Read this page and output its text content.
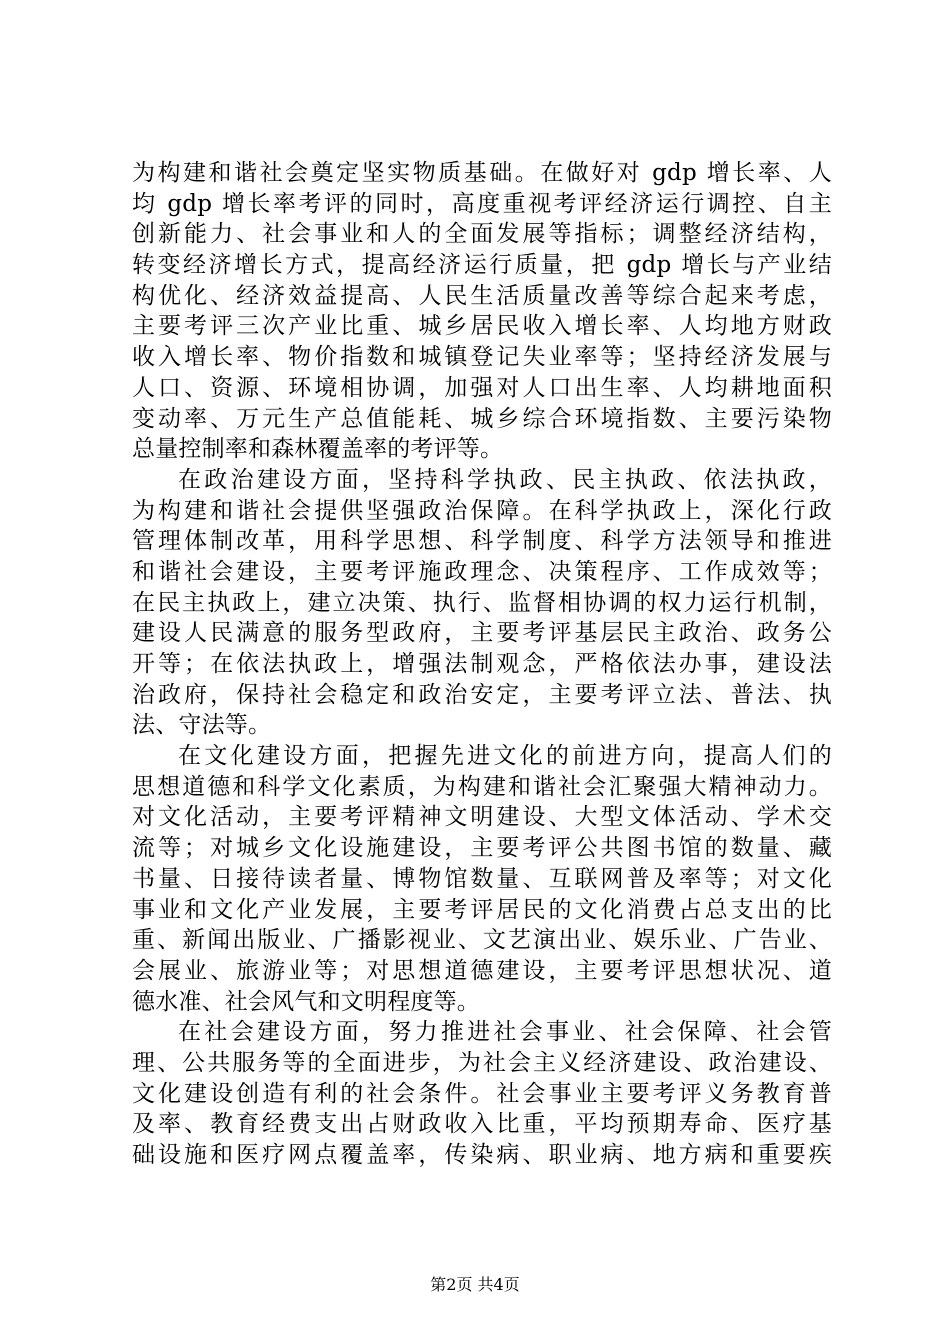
为构建和谐社会奠定坚实物质基础。在做好对 gdp 增长率、人
均 gdp 增长率考评的同时，高度重视考评经济运行调控、自主
创新能力、社会事业和人的全面发展等指标；调整经济结构，
转变经济增长方式，提高经济运行质量，把 gdp 增长与产业结
构优化、经济效益提高、人民生活质量改善等综合起来考虑，
主要考评三次产业比重、城乡居民收入增长率、人均地方财政
收入增长率、物价指数和城镇登记失业率等；坚持经济发展与
人口、资源、环境相协调，加强对人口出生率、人均耕地面积
变动率、万元生产总值能耗、城乡综合环境指数、主要污染物
总量控制率和森林覆盖率的考评等。
在政治建设方面，坚持科学执政、民主执政、依法执政，
为构建和谐社会提供坚强政治保障。在科学执政上，深化行政
管理体制改革，用科学思想、科学制度、科学方法领导和推进
和谐社会建设，主要考评施政理念、决策程序、工作成效等；
在民主执政上，建立决策、执行、监督相协调的权力运行机制，
建设人民满意的服务型政府，主要考评基层民主政治、政务公
开等；在依法执政上，增强法制观念，严格依法办事，建设法
治政府，保持社会稳定和政治安定，主要考评立法、普法、执
法、守法等。
在文化建设方面，把握先进文化的前进方向，提高人们的
思想道德和科学文化素质，为构建和谐社会汇聚强大精神动力。
对文化活动，主要考评精神文明建设、大型文体活动、学术交
流等；对城乡文化设施建设，主要考评公共图书馆的数量、藏
书量、日接待读者量、博物馆数量、互联网普及率等；对文化
事业和文化产业发展，主要考评居民的文化消费占总支出的比
重、新闻出版业、广播影视业、文艺演出业、娱乐业、广告业、
会展业、旅游业等；对思想道德建设，主要考评思想状况、道
德水准、社会风气和文明程度等。
在社会建设方面，努力推进社会事业、社会保障、社会管
理、公共服务等的全面进步，为社会主义经济建设、政治建设、
文化建设创造有利的社会条件。社会事业主要考评义务教育普
及率、教育经费支出占财政收入比重，平均预期寿命、医疗基
础设施和医疗网点覆盖率，传染病、职业病、地方病和重要疾
第2页 共4页
